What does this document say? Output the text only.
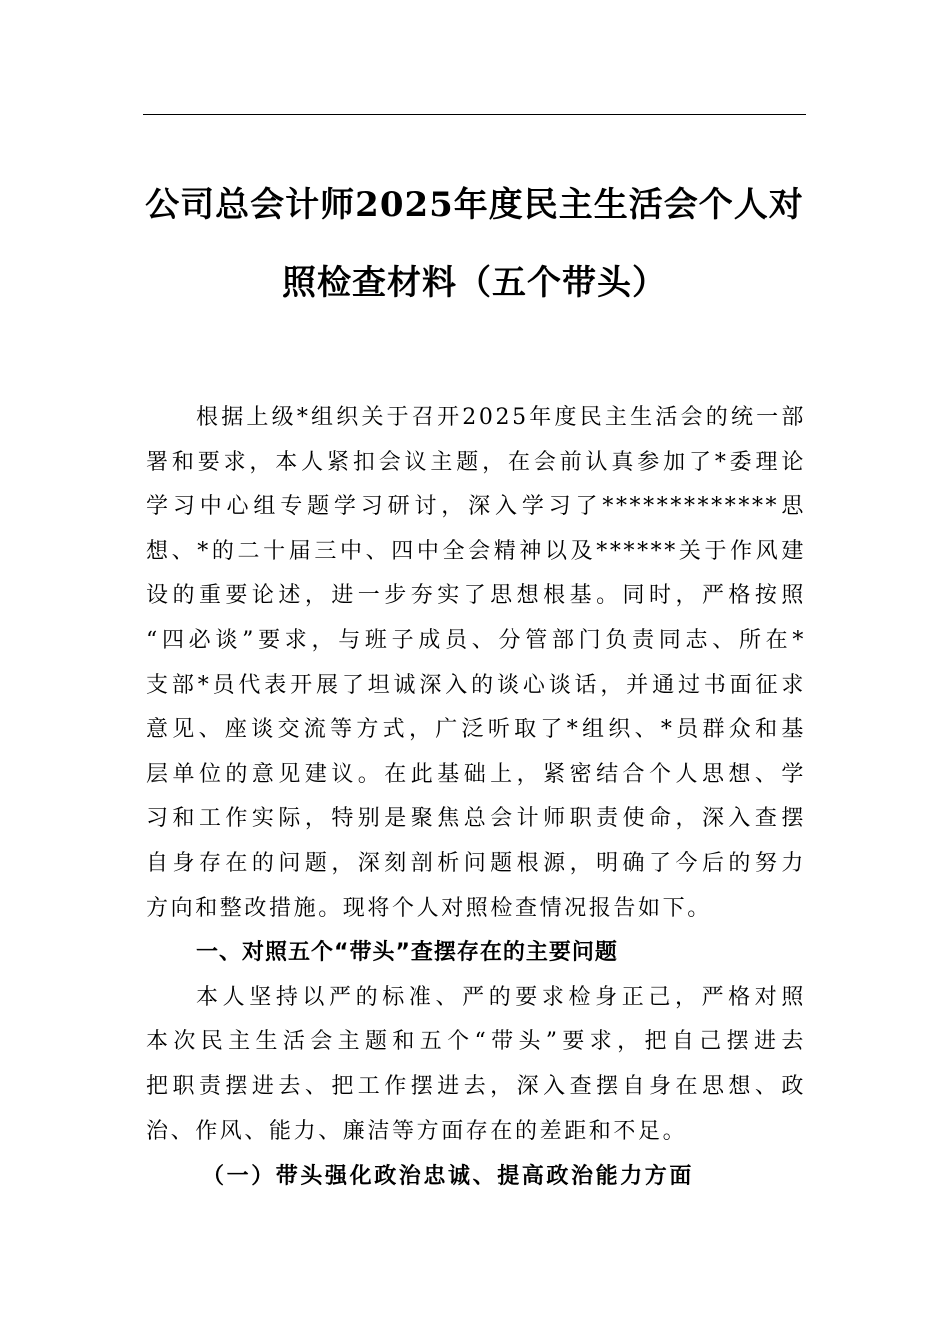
公司总会计师2025年度民主生活会个人对
照检查材料（五个带头）
根据上级*组织关于召开2025年度民主生活会的统一部
署和要求，本人紧扣会议主题，在会前认真参加了*委理论
学习中心组专题学习研讨，深入学习了*************思
想、*的二十届三中、四中全会精神以及******关于作风建
设的重要论述，进一步夯实了思想根基。同时，严格按照
“四必谈”要求，与班子成员、分管部门负责同志、所在*
支部*员代表开展了坦诚深入的谈心谈话，并通过书面征求
意见、座谈交流等方式，广泛听取了*组织、*员群众和基
层单位的意见建议。在此基础上，紧密结合个人思想、学
习和工作实际，特别是聚焦总会计师职责使命，深入查摆
自身存在的问题，深刻剖析问题根源，明确了今后的努力
方向和整改措施。现将个人对照检查情况报告如下。
一、对照五个“带头”查摆存在的主要问题
本人坚持以严的标准、严的要求检身正己，严格对照
本次民主生活会主题和五个“带头”要求，把自己摆进去
把职责摆进去、把工作摆进去，深入查摆自身在思想、政
治、作风、能力、廉洁等方面存在的差距和不足。
（一）带头强化政治忠诚、提高政治能力方面
